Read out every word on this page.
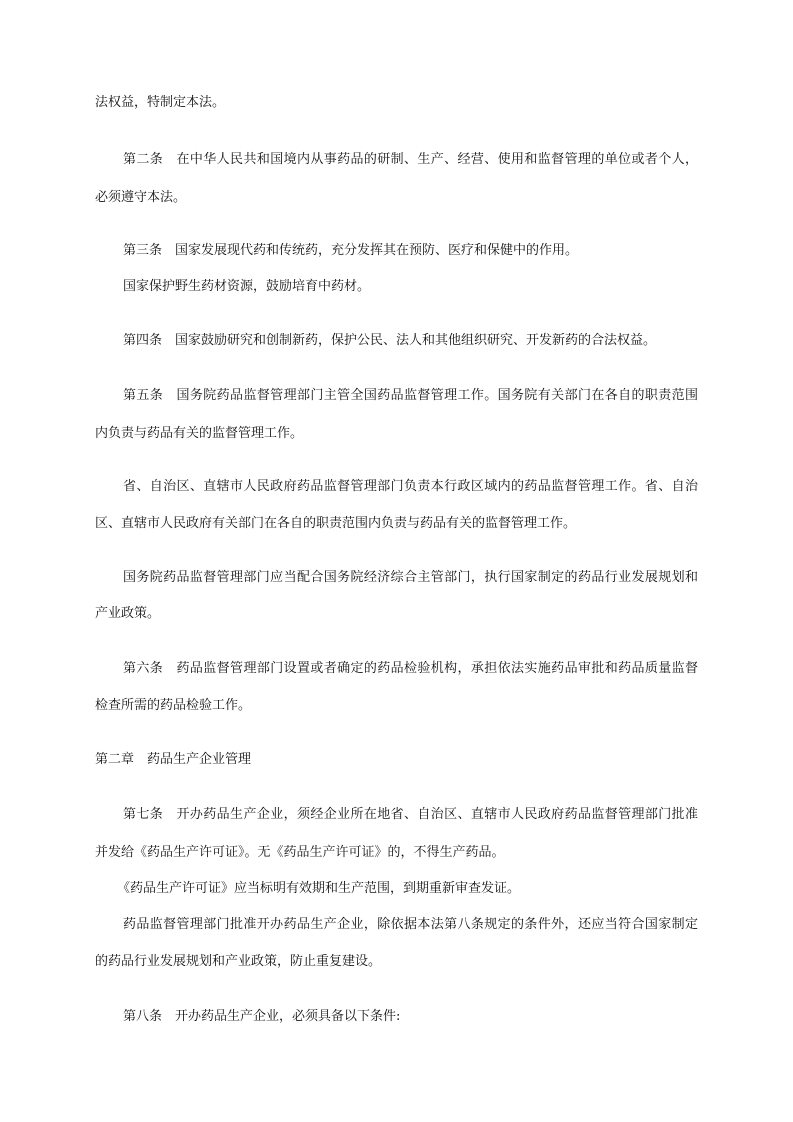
法权益，特制定本法。

第二条 在中华人民共和国境内从事药品的研制、生产、经营、使用和监督管理的单位或者个人，

必须遵守本法。

第三条 国家发展现代药和传统药，充分发挥其在预防、医疗和保健中的作用。

国家保护野生药材资源，鼓励培育中药材。

第四条 国家鼓励研究和创制新药，保护公民、法人和其他组织研究、开发新药的合法权益。

第五条 国务院药品监督管理部门主管全国药品监督管理工作。国务院有关部门在各自的职责范围

内负责与药品有关的监督管理工作。

省、自治区、直辖市人民政府药品监督管理部门负责本行政区域内的药品监督管理工作。省、自治

区、直辖市人民政府有关部门在各自的职责范围内负责与药品有关的监督管理工作。

国务院药品监督管理部门应当配合国务院经济综合主管部门，执行国家制定的药品行业发展规划和

产业政策。

第六条 药品监督管理部门设置或者确定的药品检验机构，承担依法实施药品审批和药品质量监督

检查所需的药品检验工作。

第二章 药品生产企业管理

第七条 开办药品生产企业，须经企业所在地省、自治区、直辖市人民政府药品监督管理部门批准

并发给《药品生产许可证》。无《药品生产许可证》的，不得生产药品。

《药品生产许可证》应当标明有效期和生产范围，到期重新审查发证。

药品监督管理部门批准开办药品生产企业，除依据本法第八条规定的条件外，还应当符合国家制定

的药品行业发展规划和产业政策，防止重复建设。

第八条 开办药品生产企业，必须具备以下条件:
